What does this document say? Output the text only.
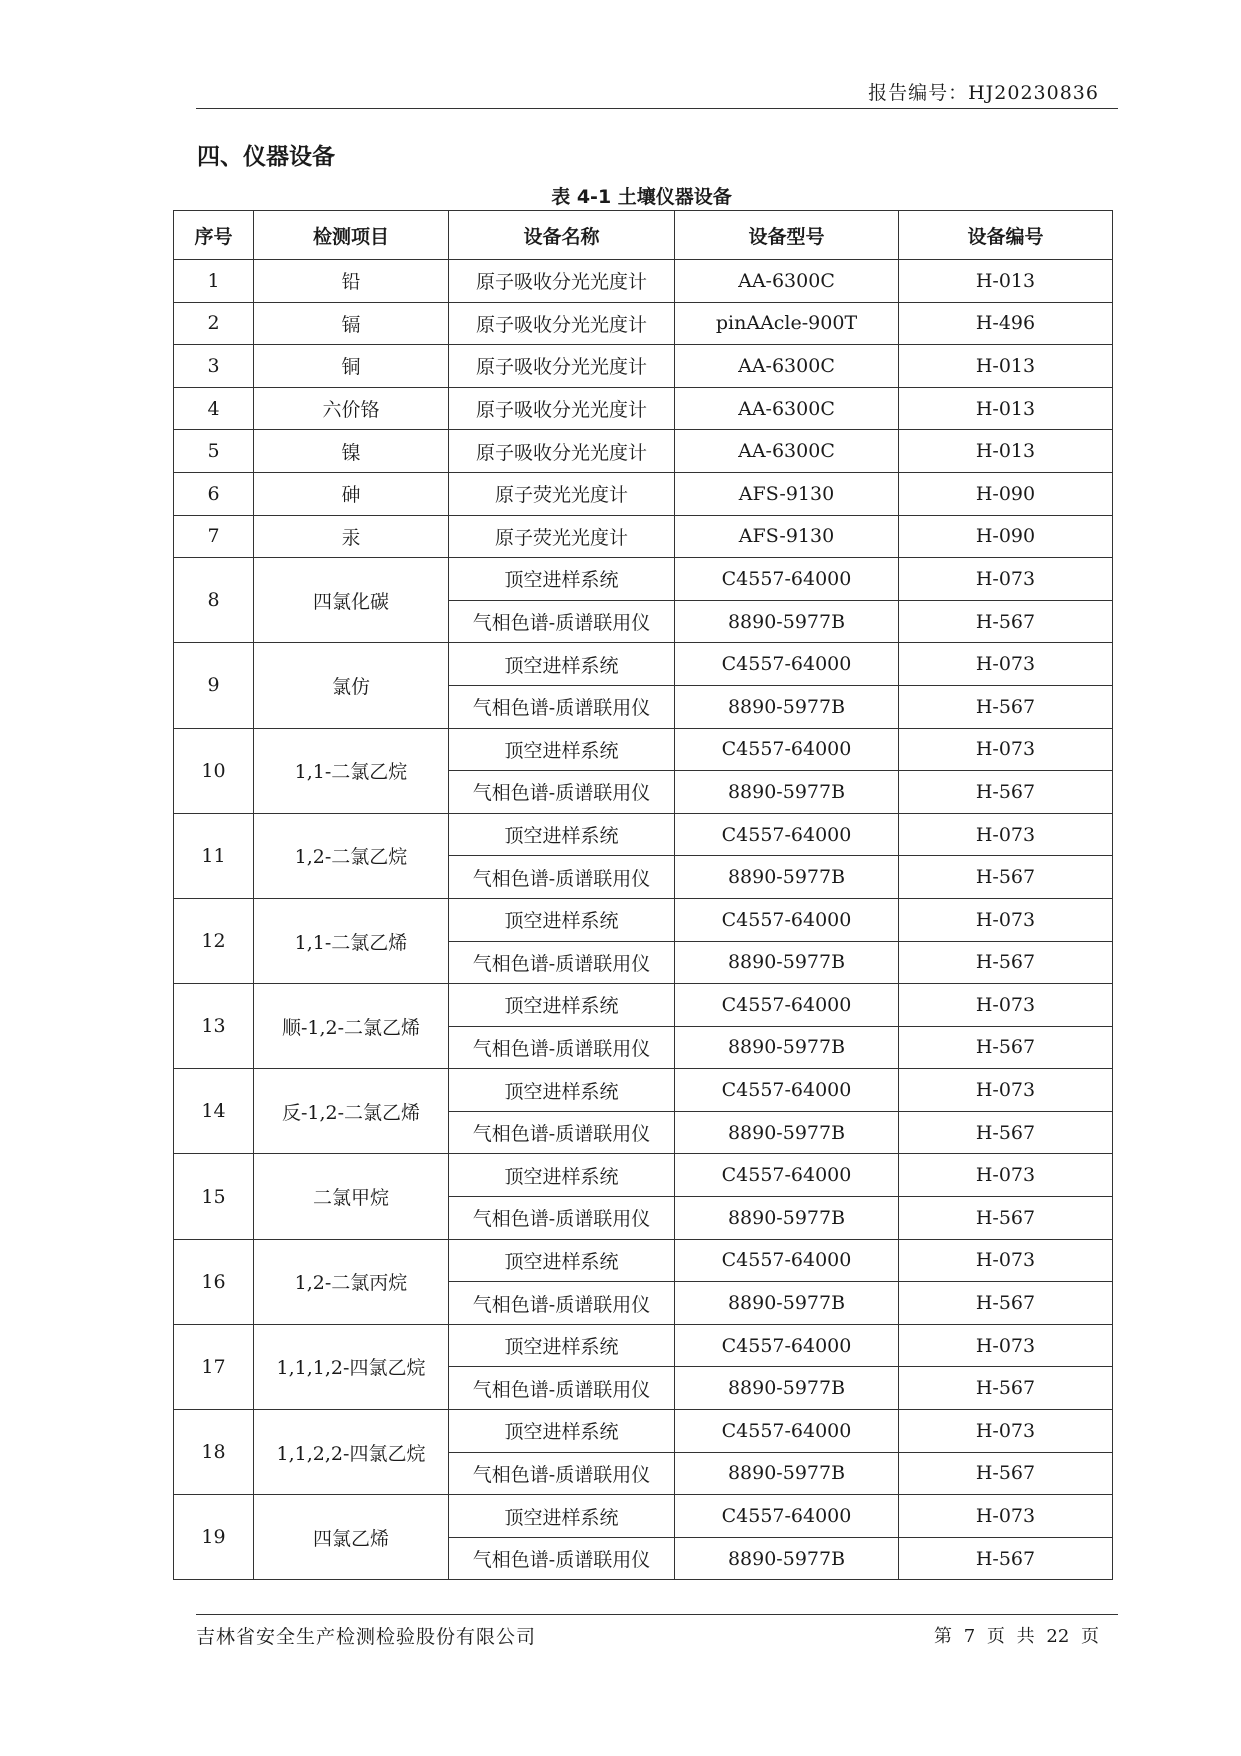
报告编号：HJ20230836
四、仪器设备
表 4-1 土壤仪器设备
序号	检测项目	设备名称	设备型号	设备编号
1	铅	原子吸收分光光度计	AA-6300C	H-013
2	镉	原子吸收分光光度计	pinAAcle-900T	H-496
3	铜	原子吸收分光光度计	AA-6300C	H-013
4	六价铬	原子吸收分光光度计	AA-6300C	H-013
5	镍	原子吸收分光光度计	AA-6300C	H-013
6	砷	原子荧光光度计	AFS-9130	H-090
7	汞	原子荧光光度计	AFS-9130	H-090
8	四氯化碳	顶空进样系统	C4557-64000	H-073
		气相色谱-质谱联用仪	8890-5977B	H-567
9	氯仿	顶空进样系统	C4557-64000	H-073
		气相色谱-质谱联用仪	8890-5977B	H-567
10	1,1-二氯乙烷	顶空进样系统	C4557-64000	H-073
		气相色谱-质谱联用仪	8890-5977B	H-567
11	1,2-二氯乙烷	顶空进样系统	C4557-64000	H-073
		气相色谱-质谱联用仪	8890-5977B	H-567
12	1,1-二氯乙烯	顶空进样系统	C4557-64000	H-073
		气相色谱-质谱联用仪	8890-5977B	H-567
13	顺-1,2-二氯乙烯	顶空进样系统	C4557-64000	H-073
		气相色谱-质谱联用仪	8890-5977B	H-567
14	反-1,2-二氯乙烯	顶空进样系统	C4557-64000	H-073
		气相色谱-质谱联用仪	8890-5977B	H-567
15	二氯甲烷	顶空进样系统	C4557-64000	H-073
		气相色谱-质谱联用仪	8890-5977B	H-567
16	1,2-二氯丙烷	顶空进样系统	C4557-64000	H-073
		气相色谱-质谱联用仪	8890-5977B	H-567
17	1,1,1,2-四氯乙烷	顶空进样系统	C4557-64000	H-073
		气相色谱-质谱联用仪	8890-5977B	H-567
18	1,1,2,2-四氯乙烷	顶空进样系统	C4557-64000	H-073
		气相色谱-质谱联用仪	8890-5977B	H-567
19	四氯乙烯	顶空进样系统	C4557-64000	H-073
		气相色谱-质谱联用仪	8890-5977B	H-567
吉林省安全生产检测检验股份有限公司	第 7 页 共 22 页
